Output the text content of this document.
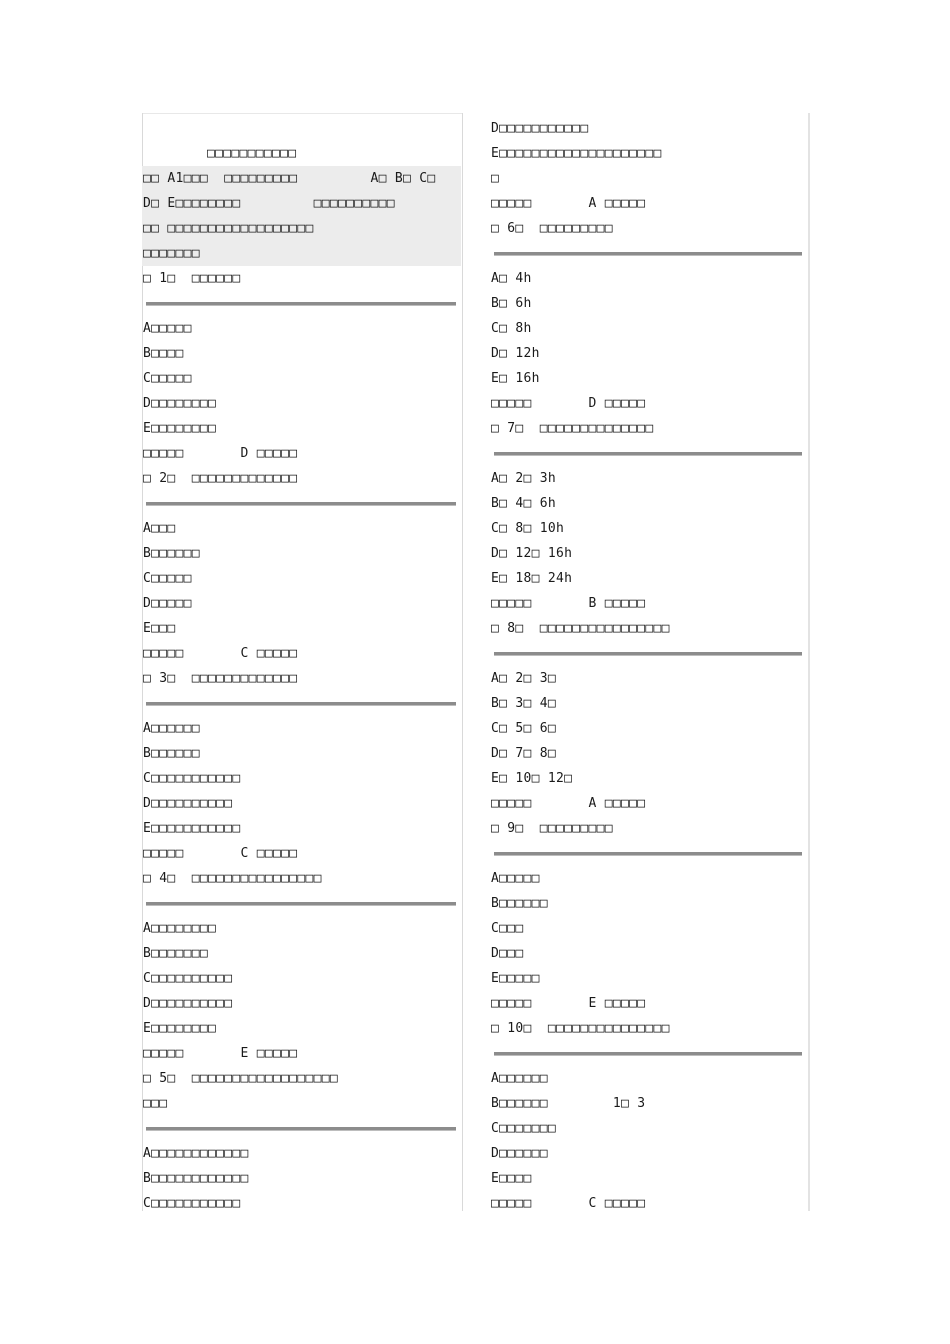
□□□□□□□□□□□
□□ A1□□□  □□□□□□□□□         A□ B□ C□
D□ E□□□□□□□□         □□□□□□□□□□
□□ □□□□□□□□□□□□□□□□□□
□□□□□□□
□ 1□  □□□□□□
A□□□□□
B□□□□
C□□□□□
D□□□□□□□□
E□□□□□□□□
□□□□□       D □□□□□
□ 2□  □□□□□□□□□□□□□
A□□□
B□□□□□□
C□□□□□
D□□□□□
E□□□
□□□□□       C □□□□□
□ 3□  □□□□□□□□□□□□□
A□□□□□□
B□□□□□□
C□□□□□□□□□□□
D□□□□□□□□□□
E□□□□□□□□□□□
□□□□□       C □□□□□
□ 4□  □□□□□□□□□□□□□□□□
A□□□□□□□□
B□□□□□□□
C□□□□□□□□□□
D□□□□□□□□□□
E□□□□□□□□
□□□□□       E □□□□□
□ 5□  □□□□□□□□□□□□□□□□□□
□□□
A□□□□□□□□□□□□
B□□□□□□□□□□□□
C□□□□□□□□□□□
D□□□□□□□□□□□
E□□□□□□□□□□□□□□□□□□□□
□
□□□□□       A □□□□□
□ 6□  □□□□□□□□□
A□ 4h
B□ 6h
C□ 8h
D□ 12h
E□ 16h
□□□□□       D □□□□□
□ 7□  □□□□□□□□□□□□□□
A□ 2□ 3h
B□ 4□ 6h
C□ 8□ 10h
D□ 12□ 16h
E□ 18□ 24h
□□□□□       B □□□□□
□ 8□  □□□□□□□□□□□□□□□□
A□ 2□ 3□
B□ 3□ 4□
C□ 5□ 6□
D□ 7□ 8□
E□ 10□ 12□
□□□□□       A □□□□□
□ 9□  □□□□□□□□□
A□□□□□
B□□□□□□
C□□□
D□□□
E□□□□□
□□□□□       E □□□□□
□ 10□  □□□□□□□□□□□□□□□
A□□□□□□
B□□□□□□        1□ 3
C□□□□□□□
D□□□□□□
E□□□□
□□□□□       C □□□□□
